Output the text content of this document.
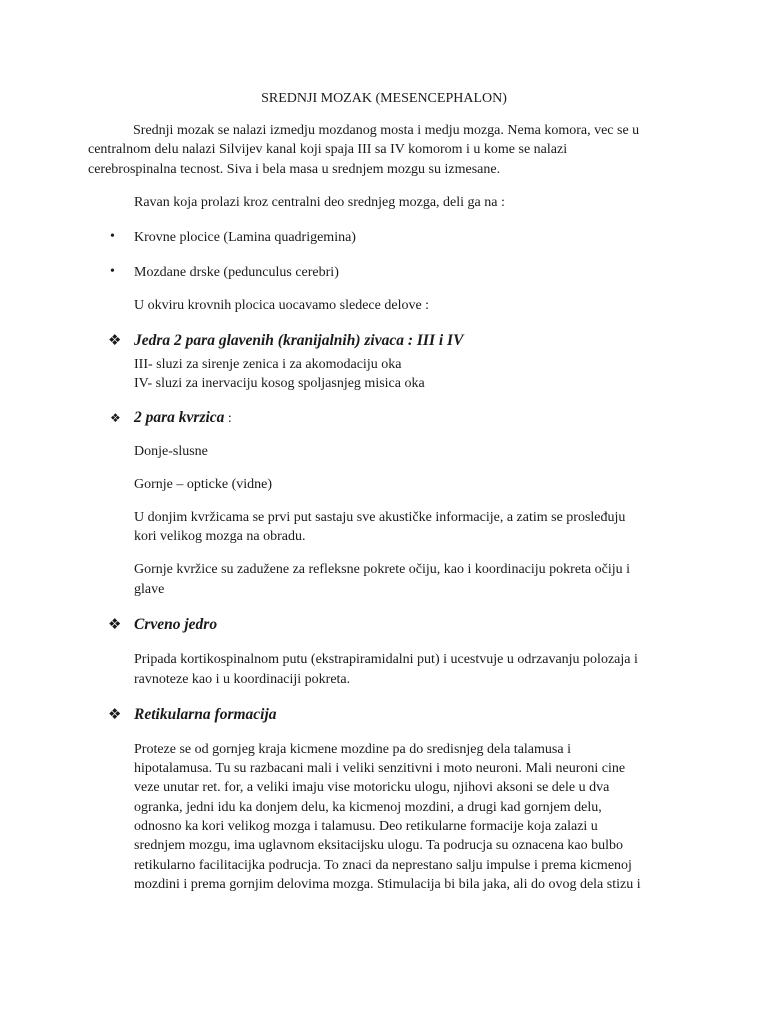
SREDNJI MOZAK (MESENCEPHALON)
Srednji mozak se nalazi izmedju mozdanog mosta i medju mozga. Nema komora, vec se u
centralnom delu nalazi Silvijev kanal koji spaja III sa IV komorom i u kome se nalazi
cerebrospinalna tecnost. Siva i bela masa u srednjem mozgu su izmesane.
Ravan koja prolazi kroz centralni deo srednjeg mozga, deli ga na :
• Krovne plocice (Lamina quadrigemina)
• Mozdane drske (pedunculus cerebri)
U okviru krovnih plocica uocavamo sledece delove :
❖ Jedra 2 para glavenih (kranijalnih) zivaca : III i IV
III- sluzi za sirenje zenica i za akomodaciju oka
IV- sluzi za inervaciju kosog spoljasnjeg misica oka
❖ 2 para kvrzica :
Donje-slusne
Gornje – opticke (vidne)
U donjim kvržicama se prvi put sastaju sve akustičke informacije, a zatim se prosleđuju
kori velikog mozga na obradu.
Gornje kvržice su zadužene za refleksne pokrete očiju, kao i koordinaciju pokreta očiju i
glave
❖ Crveno jedro
Pripada kortikospinalnom putu (ekstrapiramidalni put) i ucestvuje u odrzavanju polozaja i
ravnoteze kao i u koordinaciji pokreta.
❖ Retikularna formacija
Proteze se od gornjeg kraja kicmene mozdine pa do sredisnjeg dela talamusa i
hipotalamusa. Tu su razbacani mali i veliki senzitivni i moto neuroni. Mali neuroni cine
veze unutar ret. for, a veliki imaju vise motoricku ulogu, njihovi aksoni se dele u dva
ogranka, jedni idu ka donjem delu, ka kicmenoj mozdini, a drugi kad gornjem delu,
odnosno ka kori velikog mozga i talamusu. Deo retikularne formacije koja zalazi u
srednjem mozgu, ima uglavnom eksitacijsku ulogu. Ta podrucja su oznacena kao bulbo
retikularno facilitacijka podrucja. To znaci da neprestano salju impulse i prema kicmenoj
mozdini i prema gornjim delovima mozga. Stimulacija bi bila jaka, ali do ovog dela stizu i
